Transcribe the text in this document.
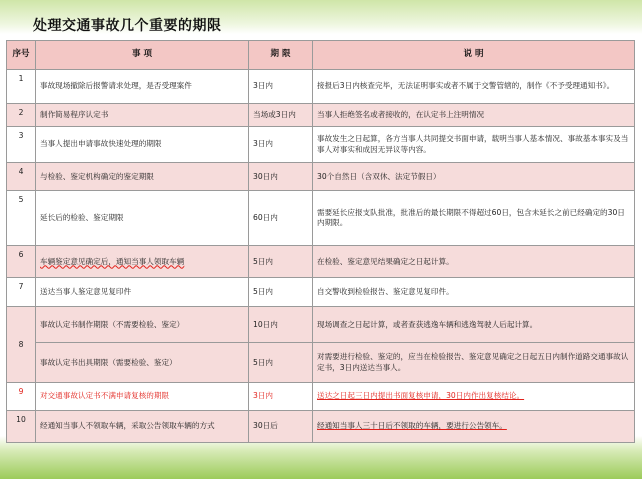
处理交通事故几个重要的期限
序号	事 项	期 限	说 明
1	事故现场撤除后报警请求处理，是否受理案件	3日内	接报后3日内核查完毕，无法证明事实或者不属于交警管辖的，制作《不予受理通知书》。
2	制作简易程序认定书	当场或3日内	当事人拒绝签名或者接收的，在认定书上注明情况
3	当事人提出申请事故快速处理的期限	3日内	事故发生之日起算，各方当事人共同提交书面申请，载明当事人基本情况、事故基本事实及当事人对事实和成因无异议等内容。
4	与检验、鉴定机构确定的鉴定期限	30日内	30个自然日（含双休、法定节假日）
5	延长后的检验、鉴定期限	60日内	需要延长应报支队批准，批准后的最长期限不得超过60日，包含未延长之前已经确定的30日内期限。
6	车辆鉴定意见确定后，通知当事人领取车辆	5日内	在检验、鉴定意见结果确定之日起计算。
7	送达当事人鉴定意见复印件	5日内	自交警收到检验报告、鉴定意见复印件。
8	事故认定书制作期限（不需要检验、鉴定）	10日内	现场调查之日起计算，或者查获逃逸车辆和逃逸驾驶人后起计算。
	事故认定书出具期限（需要检验、鉴定）	5日内	对需要进行检验、鉴定的，应当在检验报告、鉴定意见确定之日起五日内制作道路交通事故认定书，3日内送达当事人。
9	对交通事故认定书不满申请复核的期限	3日内	送达之日起三日内提出书面复核申请，30日内作出复核结论。
10	经通知当事人不领取车辆，采取公告领取车辆的方式	30日后	经通知当事人三十日后不领取的车辆，要进行公告领车。
